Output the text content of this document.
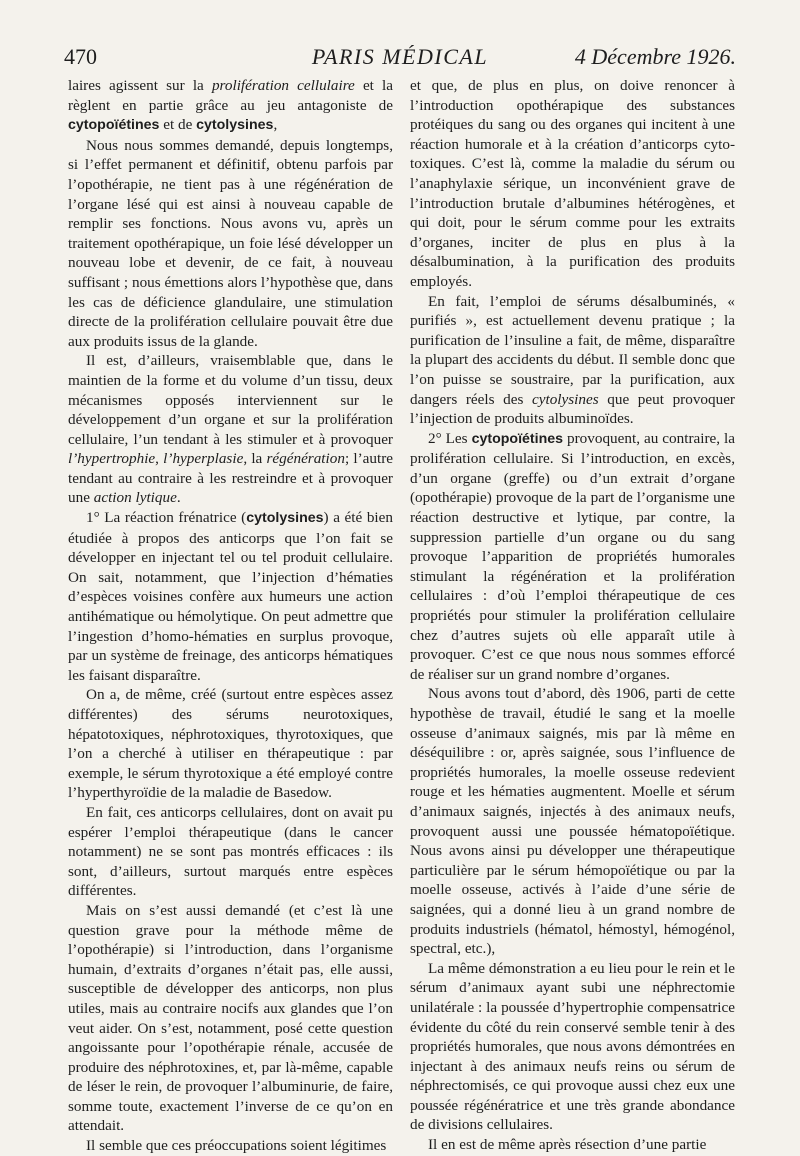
470	PARIS MÉDICAL	4 Décembre 1926.

laires agissent sur la prolifération cellulaire et la règlent en partie grâce au jeu antagoniste de cytopoïétines et de cytolysines,

Nous nous sommes demandé, depuis longtemps, si l’effet permanent et définitif, obtenu parfois par l’opothérapie, ne tient pas à une régénération de l’organe lésé qui est ainsi à nouveau capable de remplir ses fonctions. Nous avons vu, après un traitement opothérapique, un foie lésé développer un nouveau lobe et devenir, de ce fait, à nouveau suffisant ; nous émettions alors l’hypothèse que, dans les cas de déficience glandulaire, une stimulation directe de la prolifération cellulaire pouvait être due aux produits issus de la glande.

Il est, d’ailleurs, vraisemblable que, dans le maintien de la forme et du volume d’un tissu, deux mécanismes opposés interviennent sur le développement d’un organe et sur la prolifération cellulaire, l’un tendant à les stimuler et à provoquer l’hypertrophie, l’hyperplasie, la régénération; l’autre tendant au contraire à les restreindre et à provoquer une action lytique.

1° La réaction frénatrice (cytolysines) a été bien étudiée à propos des anticorps que l’on fait se développer en injectant tel ou tel produit cellulaire. On sait, notamment, que l’injection d’hématies d’espèces voisines confère aux humeurs une action antihématique ou hémolytique. On peut admettre que l’ingestion d’homo-hématies en surplus provoque, par un système de freinage, des anticorps hématiques les faisant disparaître.

On a, de même, créé (surtout entre espèces assez différentes) des sérums neurotoxiques, hépatotoxiques, néphrotoxiques, thyrotoxiques, que l’on a cherché à utiliser en thérapeutique : par exemple, le sérum thyrotoxique a été employé contre l’hyperthyroïdie de la maladie de Basedow.

En fait, ces anticorps cellulaires, dont on avait pu espérer l’emploi thérapeutique (dans le cancer notamment) ne se sont pas montrés efficaces : ils sont, d’ailleurs, surtout marqués entre espèces différentes.

Mais on s’est aussi demandé (et c’est là une question grave pour la méthode même de l’opothérapie) si l’introduction, dans l’organisme humain, d’extraits d’organes n’était pas, elle aussi, susceptible de développer des anticorps, non plus utiles, mais au contraire nocifs aux glandes que l’on veut aider. On s’est, notamment, posé cette question angoissante pour l’opothérapie rénale, accusée de produire des néphrotoxines, et, par là-même, capable de léser le rein, de provoquer l’albuminurie, de faire, somme toute, exactement l’inverse de ce qu’on en attendait.

Il semble que ces préoccupations soient légitimes

et que, de plus en plus, on doive renoncer à l’introduction opothérapique des substances protéiques du sang ou des organes qui incitent à une réaction humorale et à la création d’anticorps cyto-toxiques. C’est là, comme la maladie du sérum ou l’anaphylaxie sérique, un inconvénient grave de l’introduction brutale d’albumines hétérogènes, et qui doit, pour le sérum comme pour les extraits d’organes, inciter de plus en plus à la désalbumination, à la purification des produits employés.

En fait, l’emploi de sérums désalbuminés, « purifiés », est actuellement devenu pratique ; la purification de l’insuline a fait, de même, disparaître la plupart des accidents du début. Il semble donc que l’on puisse se soustraire, par la purification, aux dangers réels des cytolysines que peut provoquer l’injection de produits albuminoïdes.

2° Les cytopoïétines provoquent, au contraire, la prolifération cellulaire. Si l’introduction, en excès, d’un organe (greffe) ou d’un extrait d’organe (opothérapie) provoque de la part de l’organisme une réaction destructive et lytique, par contre, la suppression partielle d’un organe ou du sang provoque l’apparition de propriétés humorales stimulant la régénération et la prolifération cellulaires : d’où l’emploi thérapeutique de ces propriétés pour stimuler la prolifération cellulaire chez d’autres sujets où elle apparaît utile à provoquer. C’est ce que nous nous sommes efforcé de réaliser sur un grand nombre d’organes.

Nous avons tout d’abord, dès 1906, parti de cette hypothèse de travail, étudié le sang et la moelle osseuse d’animaux saignés, mis par là même en déséquilibre : or, après saignée, sous l’influence de propriétés humorales, la moelle osseuse redevient rouge et les hématies augmentent. Moelle et sérum d’animaux saignés, injectés à des animaux neufs, provoquent aussi une poussée hématopoïétique. Nous avons ainsi pu développer une thérapeutique particulière par le sérum hémopoïétique ou par la moelle osseuse, activés à l’aide d’une série de saignées, qui a donné lieu à un grand nombre de produits industriels (hématol, hémostyl, hémogénol, spectral, etc.),

La même démonstration a eu lieu pour le rein et le sérum d’animaux ayant subi une néphrectomie unilatérale : la poussée d’hypertrophie compensatrice évidente du côté du rein conservé semble tenir à des propriétés humorales, que nous avons démontrées en injectant à des animaux neufs reins ou sérum de néphrectomisés, ce qui provoque aussi chez eux une poussée régénératrice et une très grande abondance de divisions cellulaires.

Il en est de même après résection d’une partie
